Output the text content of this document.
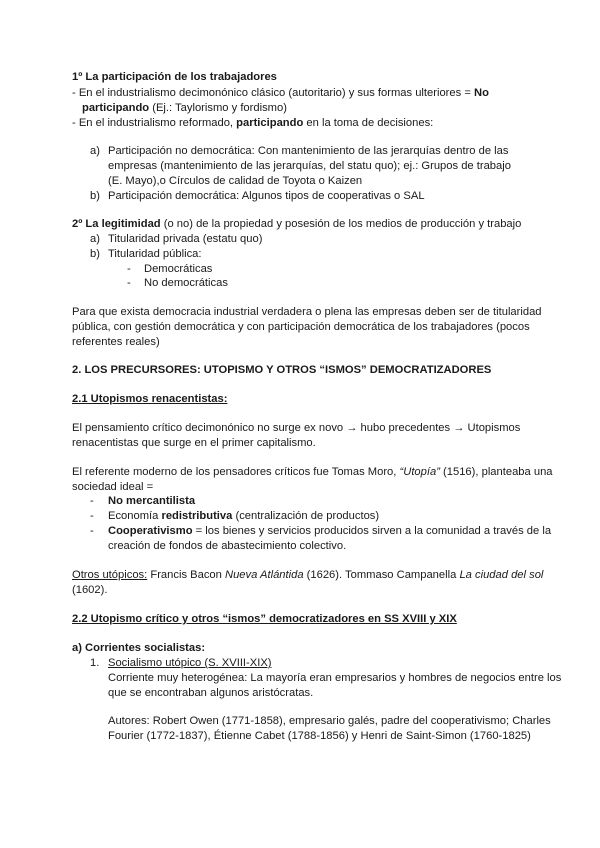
1º La participación de los trabajadores
- En el industrialismo decimonónico clásico (autoritario) y sus formas ulteriores = No
participando (Ej.: Taylorismo y fordismo)
- En el industrialismo reformado, participando en la toma de decisiones:
a) Participación no democrática: Con mantenimiento de las jerarquías dentro de las
empresas (mantenimiento de las jerarquías, del statu quo); ej.: Grupos de trabajo
(E. Mayo),o Círculos de calidad de Toyota o Kaizen
b) Participación democrática: Algunos tipos de cooperativas o SAL
2º La legitimidad (o no) de la propiedad y posesión de los medios de producción y trabajo
a) Titularidad privada (estatu quo)
b) Titularidad pública:
- Democráticas
- No democráticas
Para que exista democracia industrial verdadera o plena las empresas deben ser de titularidad
pública, con gestión democrática y con participación democrática de los trabajadores (pocos
referentes reales)
2. LOS PRECURSORES: UTOPISMO Y OTROS “ISMOS” DEMOCRATIZADORES
2.1 Utopismos renacentistas:
El pensamiento crítico decimonónico no surge ex novo → hubo precedentes → Utopismos
renacentistas que surge en el primer capitalismo.
El referente moderno de los pensadores críticos fue Tomas Moro, “Utopía” (1516), planteaba una
sociedad ideal =
- No mercantilista
- Economía redistributiva (centralización de productos)
- Cooperativismo = los bienes y servicios producidos sirven a la comunidad a través de la
creación de fondos de abastecimiento colectivo.
Otros utópicos: Francis Bacon Nueva Atlántida (1626). Tommaso Campanella La ciudad del sol
(1602).
2.2 Utopismo crítico y otros “ismos” democratizadores en SS XVIII y XIX
a) Corrientes socialistas:
1. Socialismo utópico (S. XVIII-XIX)
Corriente muy heterogénea: La mayoría eran empresarios y hombres de negocios entre los
que se encontraban algunos aristócratas.
Autores: Robert Owen (1771-1858), empresario galés, padre del cooperativismo; Charles
Fourier (1772-1837), Étienne Cabet (1788-1856) y Henri de Saint-Simon (1760-1825)
